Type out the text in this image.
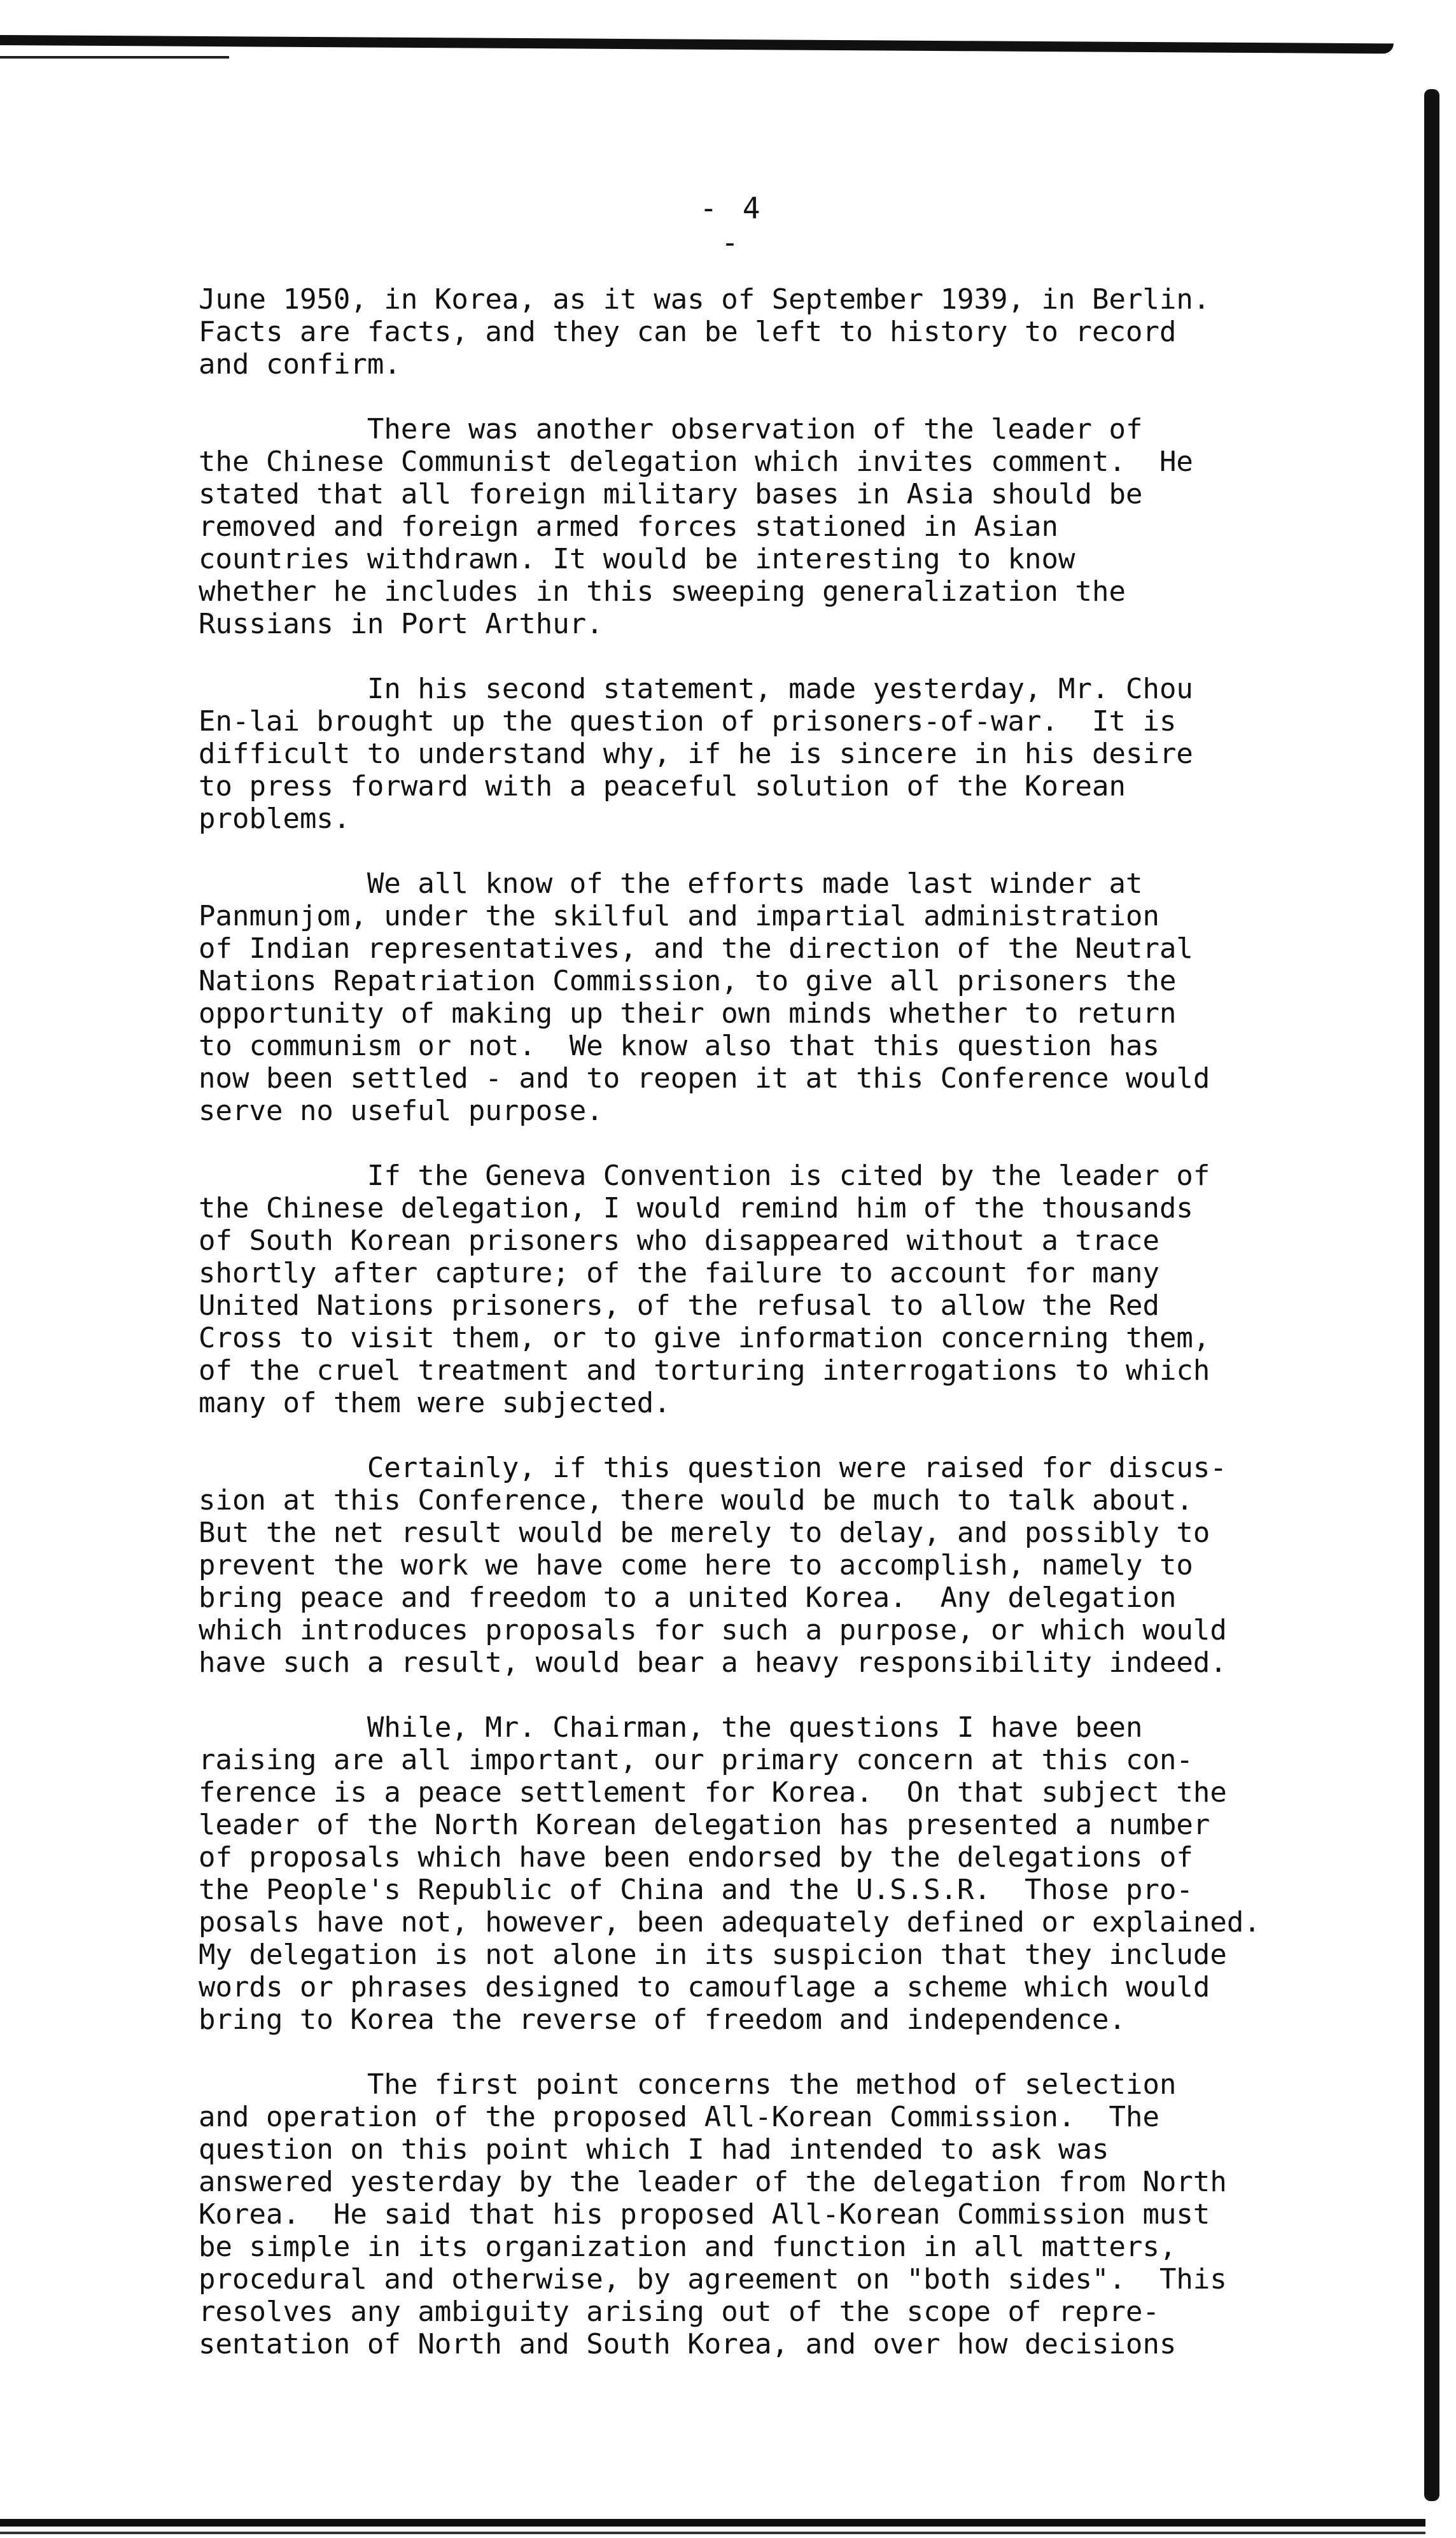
- 4 -
June 1950, in Korea, as it was of September 1939, in Berlin.
Facts are facts, and they can be left to history to record
and confirm.
There was another observation of the leader of
the Chinese Communist delegation which invites comment.  He
stated that all foreign military bases in Asia should be
removed and foreign armed forces stationed in Asian
countries withdrawn. It would be interesting to know
whether he includes in this sweeping generalization the
Russians in Port Arthur.
In his second statement, made yesterday, Mr. Chou
En-lai brought up the question of prisoners-of-war.  It is
difficult to understand why, if he is sincere in his desire
to press forward with a peaceful solution of the Korean
problems.
We all know of the efforts made last winder at
Panmunjom, under the skilful and impartial administration
of Indian representatives, and the direction of the Neutral
Nations Repatriation Commission, to give all prisoners the
opportunity of making up their own minds whether to return
to communism or not.  We know also that this question has
now been settled - and to reopen it at this Conference would
serve no useful purpose.
If the Geneva Convention is cited by the leader of
the Chinese delegation, I would remind him of the thousands
of South Korean prisoners who disappeared without a trace
shortly after capture; of the failure to account for many
United Nations prisoners, of the refusal to allow the Red
Cross to visit them, or to give information concerning them,
of the cruel treatment and torturing interrogations to which
many of them were subjected.
Certainly, if this question were raised for discus-
sion at this Conference, there would be much to talk about.
But the net result would be merely to delay, and possibly to
prevent the work we have come here to accomplish, namely to
bring peace and freedom to a united Korea.  Any delegation
which introduces proposals for such a purpose, or which would
have such a result, would bear a heavy responsibility indeed.
While, Mr. Chairman, the questions I have been
raising are all important, our primary concern at this con-
ference is a peace settlement for Korea.  On that subject the
leader of the North Korean delegation has presented a number
of proposals which have been endorsed by the delegations of
the People's Republic of China and the U.S.S.R.  Those pro-
posals have not, however, been adequately defined or explained.
My delegation is not alone in its suspicion that they include
words or phrases designed to camouflage a scheme which would
bring to Korea the reverse of freedom and independence.
The first point concerns the method of selection
and operation of the proposed All-Korean Commission.  The
question on this point which I had intended to ask was
answered yesterday by the leader of the delegation from North
Korea.  He said that his proposed All-Korean Commission must
be simple in its organization and function in all matters,
procedural and otherwise, by agreement on "both sides".  This
resolves any ambiguity arising out of the scope of repre-
sentation of North and South Korea, and over how decisions
